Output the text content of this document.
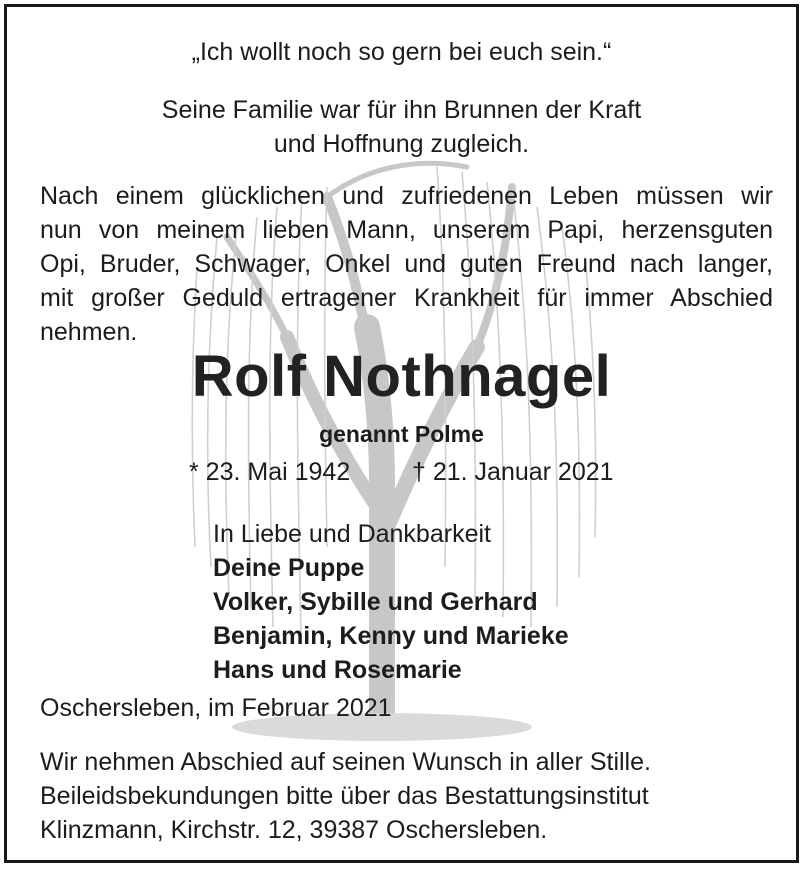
„Ich wollt noch so gern bei euch sein.“
Seine Familie war für ihn Brunnen der Kraft
und Hoffnung zugleich.
Nach einem glücklichen und zufriedenen Leben müssen wir
nun von meinem lieben Mann, unserem Papi, herzensguten
Opi, Bruder, Schwager, Onkel und guten Freund nach langer,
mit großer Geduld ertragener Krankheit für immer Abschied
nehmen.
Rolf Nothnagel
genannt Polme
* 23. Mai 1942 † 21. Januar 2021
In Liebe und Dankbarkeit
Deine Puppe
Volker, Sybille und Gerhard
Benjamin, Kenny und Marieke
Hans und Rosemarie
Oschersleben, im Februar 2021
Wir nehmen Abschied auf seinen Wunsch in aller Stille.
Beileidsbekundungen bitte über das Bestattungsinstitut
Klinzmann, Kirchstr. 12, 39387 Oschersleben.
